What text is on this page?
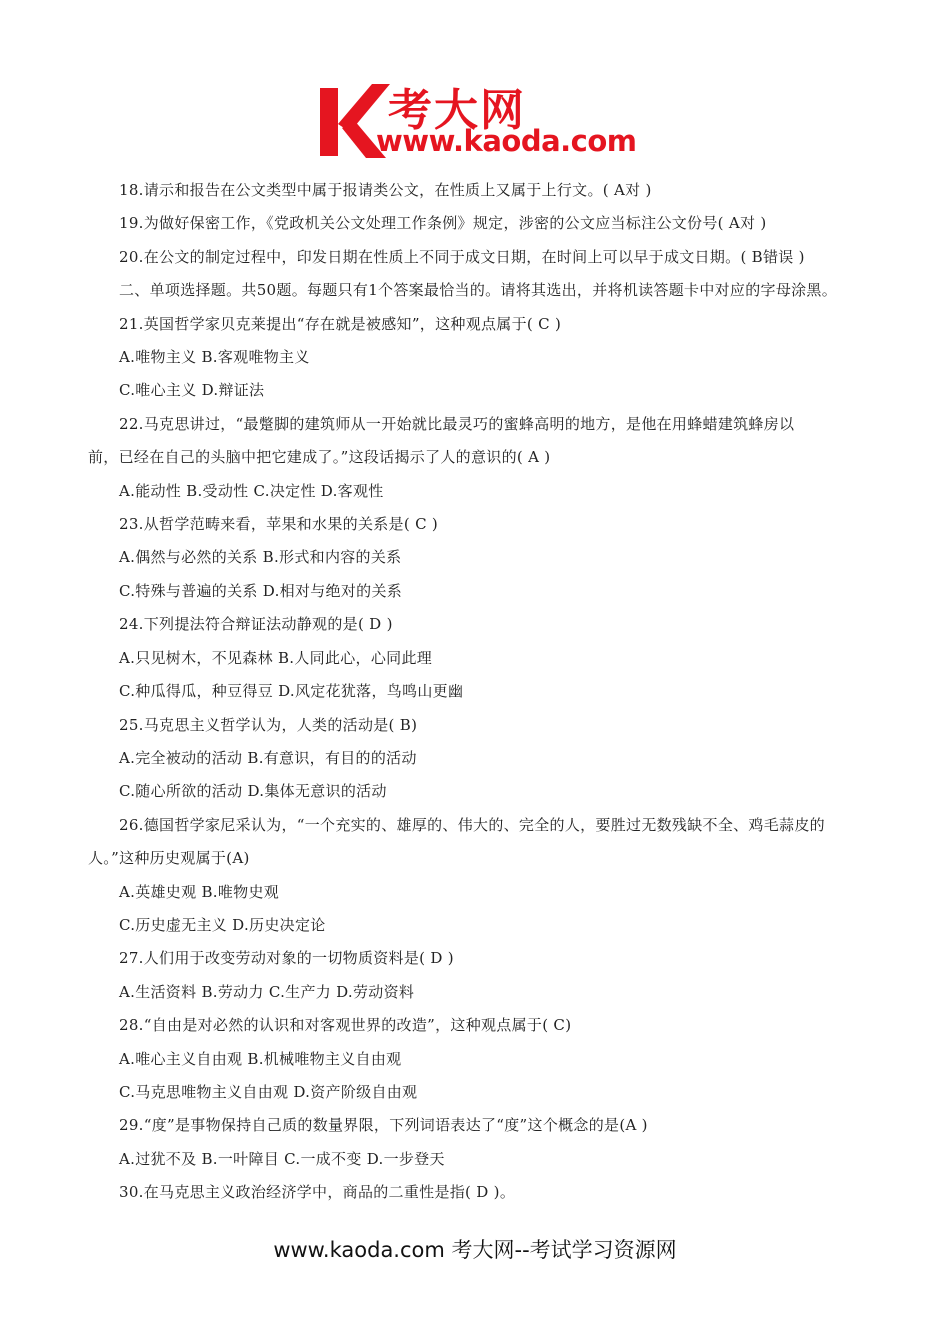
考大网
www.kaoda.com
18.请示和报告在公文类型中属于报请类公文，在性质上又属于上行文。( A对 )
19.为做好保密工作，《党政机关公文处理工作条例》规定，涉密的公文应当标注公文份号( A对 )
20.在公文的制定过程中，印发日期在性质上不同于成文日期，在时间上可以早于成文日期。( B错误 )
二、单项选择题。共50题。每题只有1个答案最恰当的。请将其选出，并将机读答题卡中对应的字母涂黑。
21.英国哲学家贝克莱提出“存在就是被感知”，这种观点属于( C )
A.唯物主义 B.客观唯物主义
C.唯心主义 D.辩证法
22.马克思讲过，“最蹩脚的建筑师从一开始就比最灵巧的蜜蜂高明的地方，是他在用蜂蜡建筑蜂房以
前，已经在自己的头脑中把它建成了。”这段话揭示了人的意识的( A )
A.能动性 B.受动性 C.决定性 D.客观性
23.从哲学范畴来看，苹果和水果的关系是( C )
A.偶然与必然的关系 B.形式和内容的关系
C.特殊与普遍的关系 D.相对与绝对的关系
24.下列提法符合辩证法动静观的是( D )
A.只见树木，不见森林 B.人同此心，心同此理
C.种瓜得瓜，种豆得豆 D.风定花犹落，鸟鸣山更幽
25.马克思主义哲学认为，人类的活动是( B)
A.完全被动的活动 B.有意识，有目的的活动
C.随心所欲的活动 D.集体无意识的活动
26.德国哲学家尼采认为，“一个充实的、雄厚的、伟大的、完全的人，要胜过无数残缺不全、鸡毛蒜皮的
人。”这种历史观属于(A)
A.英雄史观 B.唯物史观
C.历史虚无主义 D.历史决定论
27.人们用于改变劳动对象的一切物质资料是( D )
A.生活资料 B.劳动力 C.生产力 D.劳动资料
28.“自由是对必然的认识和对客观世界的改造”，这种观点属于( C)
A.唯心主义自由观 B.机械唯物主义自由观
C.马克思唯物主义自由观 D.资产阶级自由观
29.“度”是事物保持自己质的数量界限，下列词语表达了“度”这个概念的是(A )
A.过犹不及 B.一叶障目 C.一成不变 D.一步登天
30.在马克思主义政治经济学中，商品的二重性是指( D )。
www.kaoda.com 考大网--考试学习资源网
